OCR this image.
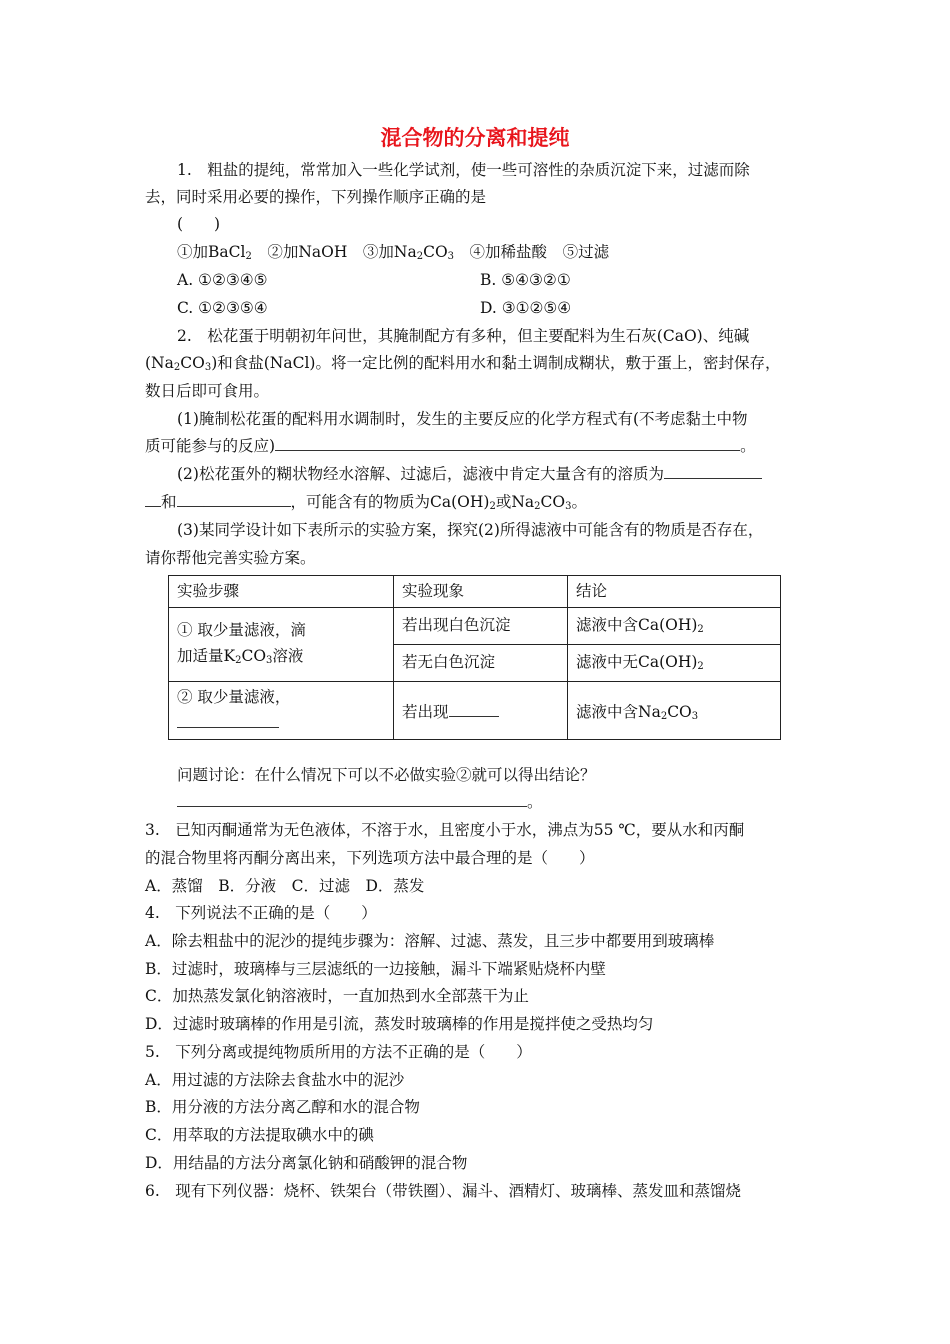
混合物的分离和提纯
1.　粗盐的提纯，常常加入一些化学试剂，使一些可溶性的杂质沉淀下来，过滤而除
去，同时采用必要的操作，下列操作顺序正确的是
(　　)
①加BaCl$_2$　 ②加NaOH　 ③加$Na_2CO_3$　 ④加稀盐酸　 ⑤过滤
A. ①②③④⑤	B. ⑤④③②①
C. ①②③⑤④	D. ③①②⑤④
2.　松花蛋于明朝初年问世，其腌制配方有多种，但主要配料为生石灰(CaO)、纯碱
$(Na_2CO_3)$和食盐(NaCl)。将一定比例的配料用水和黏土调制成糊状，敷于蛋上，密封保存，
数日后即可食用。
(1)腌制松花蛋的配料用水调制时，发生的主要反应的化学方程式有(不考虑黏土中物
质可能参与的反应)	。
(2)松花蛋外的糊状物经水溶解、过滤后，滤液中肯定大量含有的溶质为
和	，可能含有的物质为$Ca(OH)_2$或$Na_2CO_3$。
(3)某同学设计如下表所示的实验方案，探究(2)所得滤液中可能含有的物质是否存在，
请你帮他完善实验方案。
实验步骤	实验现象	结论

① 取少量滤液，滴
加适量$K_2CO_3$溶液	若出现白色沉淀	滤液中含$Ca(OH)_2$

	若无白色沉淀	滤液中无$Ca(OH)_2$

② 取少量滤液，	若出现	滤液中含$Na_2CO_3$
问题讨论：在什么情况下可以不必做实验②就可以得出结论？
。
3.　已知丙酮通常为无色液体，不溶于水，且密度小于水，沸点为55 ℃，要从水和丙酮
的混合物里将丙酮分离出来，下列选项方法中最合理的是（　　）
A．蒸馏　B．分液　C．过滤　D．蒸发
4.　下列说法不正确的是（　　）
A．除去粗盐中的泥沙的提纯步骤为：溶解、过滤、蒸发，且三步中都要用到玻璃棒
B．过滤时，玻璃棒与三层滤纸的一边接触，漏斗下端紧贴烧杯内壁
C．加热蒸发氯化钠溶液时，一直加热到水全部蒸干为止
D．过滤时玻璃棒的作用是引流，蒸发时玻璃棒的作用是搅拌使之受热均匀
5.　下列分离或提纯物质所用的方法不正确的是（　　）
A．用过滤的方法除去食盐水中的泥沙
B．用分液的方法分离乙醇和水的混合物
C．用萃取的方法提取碘水中的碘
D．用结晶的方法分离氯化钠和硝酸钾的混合物
6.　现有下列仪器：烧杯、铁架台（带铁圈）、漏斗、酒精灯、玻璃棒、蒸发皿和蒸馏烧
